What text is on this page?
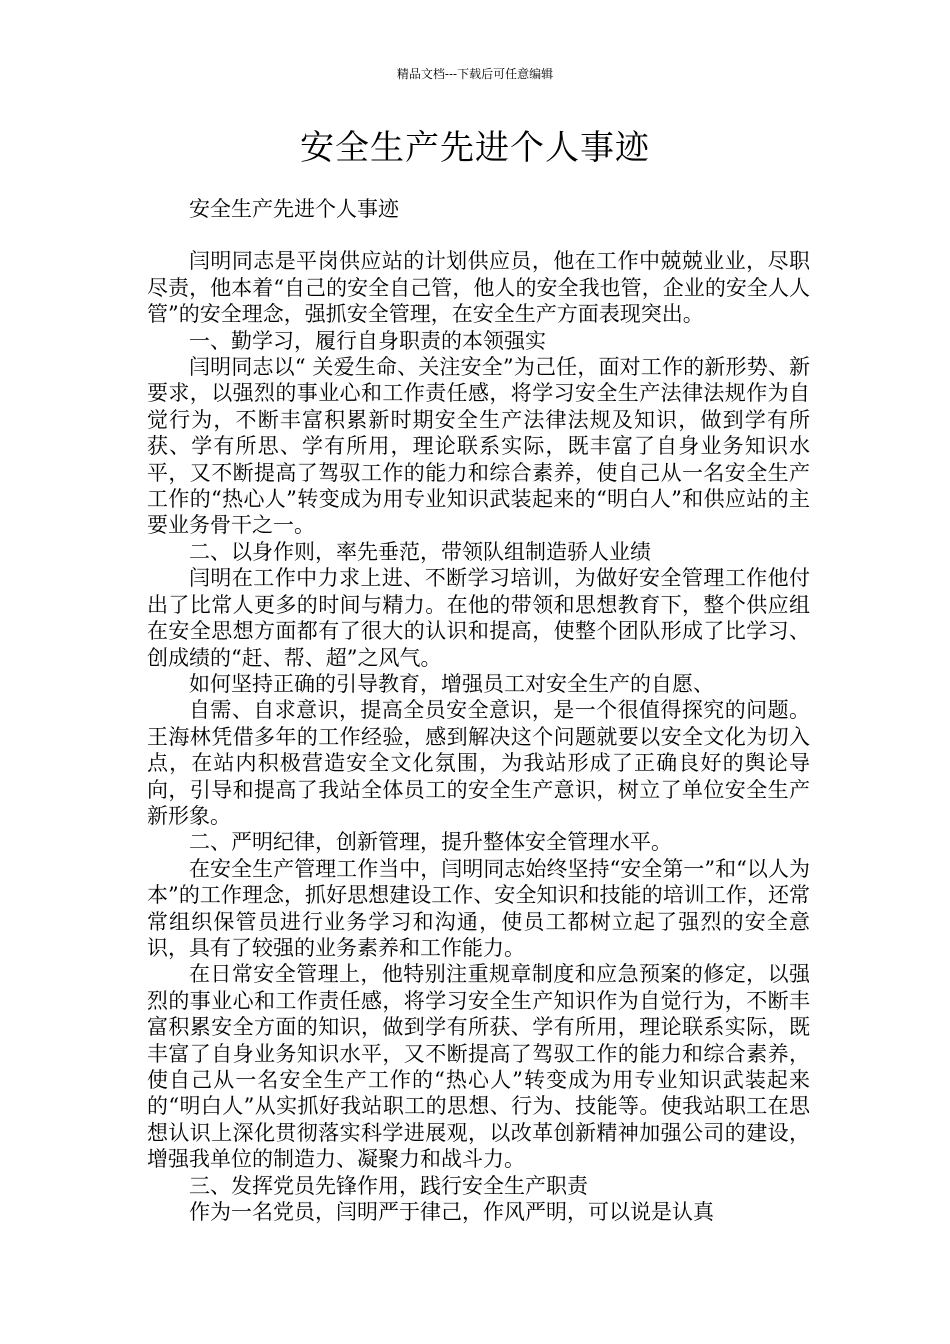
精品文档---下载后可任意编辑
安全生产先进个人事迹

安全生产先进个人事迹

闫明同志是平岗供应站的计划供应员，他在工作中兢兢业业，尽职尽责，他本着“自己的安全自己管，他人的安全我也管，企业的安全人人管”的安全理念，强抓安全管理，在安全生产方面表现突出。

一、勤学习，履行自身职责的本领强实

闫明同志以“ 关爱生命、关注安全”为己任，面对工作的新形势、新要求，以强烈的事业心和工作责任感，将学习安全生产法律法规作为自觉行为，不断丰富积累新时期安全生产法律法规及知识，做到学有所获、学有所思、学有所用，理论联系实际，既丰富了自身业务知识水平，又不断提高了驾驭工作的能力和综合素养，使自己从一名安全生产工作的“热心人”转变成为用专业知识武装起来的“明白人”和供应站的主要业务骨干之一。

二、以身作则，率先垂范，带领队组制造骄人业绩

闫明在工作中力求上进、不断学习培训，为做好安全管理工作他付出了比常人更多的时间与精力。在他的带领和思想教育下，整个供应组在安全思想方面都有了很大的认识和提高，使整个团队形成了比学习、创成绩的“赶、帮、超”之风气。

如何坚持正确的引导教育，增强员工对安全生产的自愿、

自需、自求意识，提高全员安全意识，是一个很值得探究的问题。王海林凭借多年的工作经验，感到解决这个问题就要以安全文化为切入点，在站内积极营造安全文化氛围，为我站形成了正确良好的舆论导向，引导和提高了我站全体员工的安全生产意识，树立了单位安全生产新形象。

二、严明纪律，创新管理，提升整体安全管理水平。

在安全生产管理工作当中，闫明同志始终坚持“安全第一”和“以人为本”的工作理念，抓好思想建设工作、安全知识和技能的培训工作，还常常组织保管员进行业务学习和沟通，使员工都树立起了强烈的安全意识，具有了较强的业务素养和工作能力。

在日常安全管理上，他特别注重规章制度和应急预案的修定，以强烈的事业心和工作责任感，将学习安全生产知识作为自觉行为，不断丰富积累安全方面的知识，做到学有所获、学有所用，理论联系实际，既丰富了自身业务知识水平，又不断提高了驾驭工作的能力和综合素养，使自己从一名安全生产工作的“热心人”转变成为用专业知识武装起来的“明白人”从实抓好我站职工的思想、行为、技能等。使我站职工在思想认识上深化贯彻落实科学进展观，以改革创新精神加强公司的建设，增强我单位的制造力、凝聚力和战斗力。

三、发挥党员先锋作用，践行安全生产职责

作为一名党员，闫明严于律己，作风严明，可以说是认真
